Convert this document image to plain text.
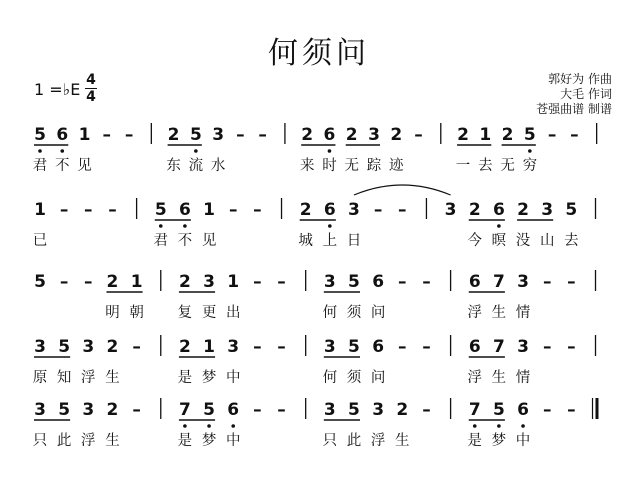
何须问
1 =♭E 4
4
郭好为 作曲
大毛 作词
苍强曲谱 制谱
5 6 1 – – 2 5 3 – – 2 6 2 3 2 – 2 1 2 5 – –
君 不 见	东 流 水	来 时 无 踪 迹	一 去 无 穷
1 – – – 5 6 1 – – 2 6 3 – – 3 2 6 2 3 5
已	君 不 见	城 上 日	今 暝 没 山 去
5 – – 2 1 2 3 1 – – 3 5 6 – – 6 7 3 – –
明 朝 复 更 出	何 须 问	浮 生 情
3 5 3 2 – 2 1 3 – – 3 5 6 – – 6 7 3 – –
原 知 浮 生	是 梦 中	何 须 问	浮 生 情
3 5 3 2 – 7 5 6 – – 3 5 3 2 – 7 5 6 – –
只 此 浮 生	是 梦 中	只 此 浮 生	是 梦 中
